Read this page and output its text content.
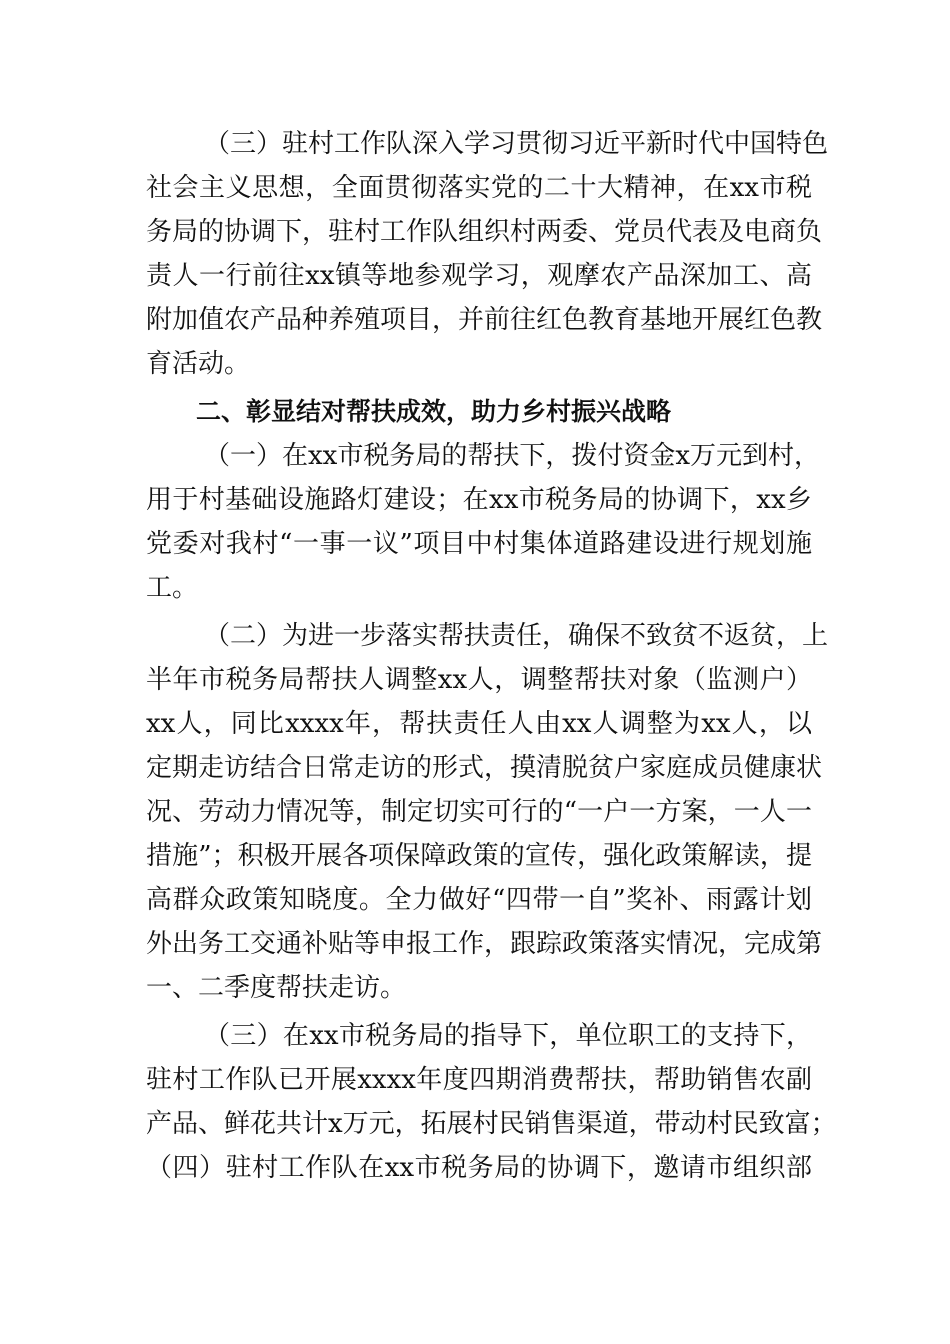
（三）驻村工作队深入学习贯彻习近平新时代中国特色
社会主义思想，全面贯彻落实党的二十大精神，在xx市税
务局的协调下，驻村工作队组织村两委、党员代表及电商负
责人一行前往xx镇等地参观学习，观摩农产品深加工、高
附加值农产品种养殖项目，并前往红色教育基地开展红色教
育活动。
二、彰显结对帮扶成效，助力乡村振兴战略
（一）在xx市税务局的帮扶下，拨付资金x万元到村，
用于村基础设施路灯建设；在xx市税务局的协调下，xx乡
党委对我村“一事一议”项目中村集体道路建设进行规划施
工。
（二）为进一步落实帮扶责任，确保不致贫不返贫，上
半年市税务局帮扶人调整xx人，调整帮扶对象（监测户）
xx人，同比xxxx年，帮扶责任人由xx人调整为xx人，以
定期走访结合日常走访的形式，摸清脱贫户家庭成员健康状
况、劳动力情况等，制定切实可行的“一户一方案，一人一
措施”；积极开展各项保障政策的宣传，强化政策解读，提
高群众政策知晓度。全力做好“四带一自”奖补、雨露计划
外出务工交通补贴等申报工作，跟踪政策落实情况，完成第
一、二季度帮扶走访。
（三）在xx市税务局的指导下，单位职工的支持下，
驻村工作队已开展xxxx年度四期消费帮扶，帮助销售农副
产品、鲜花共计x万元，拓展村民销售渠道，带动村民致富；
（四）驻村工作队在xx市税务局的协调下，邀请市组织部
